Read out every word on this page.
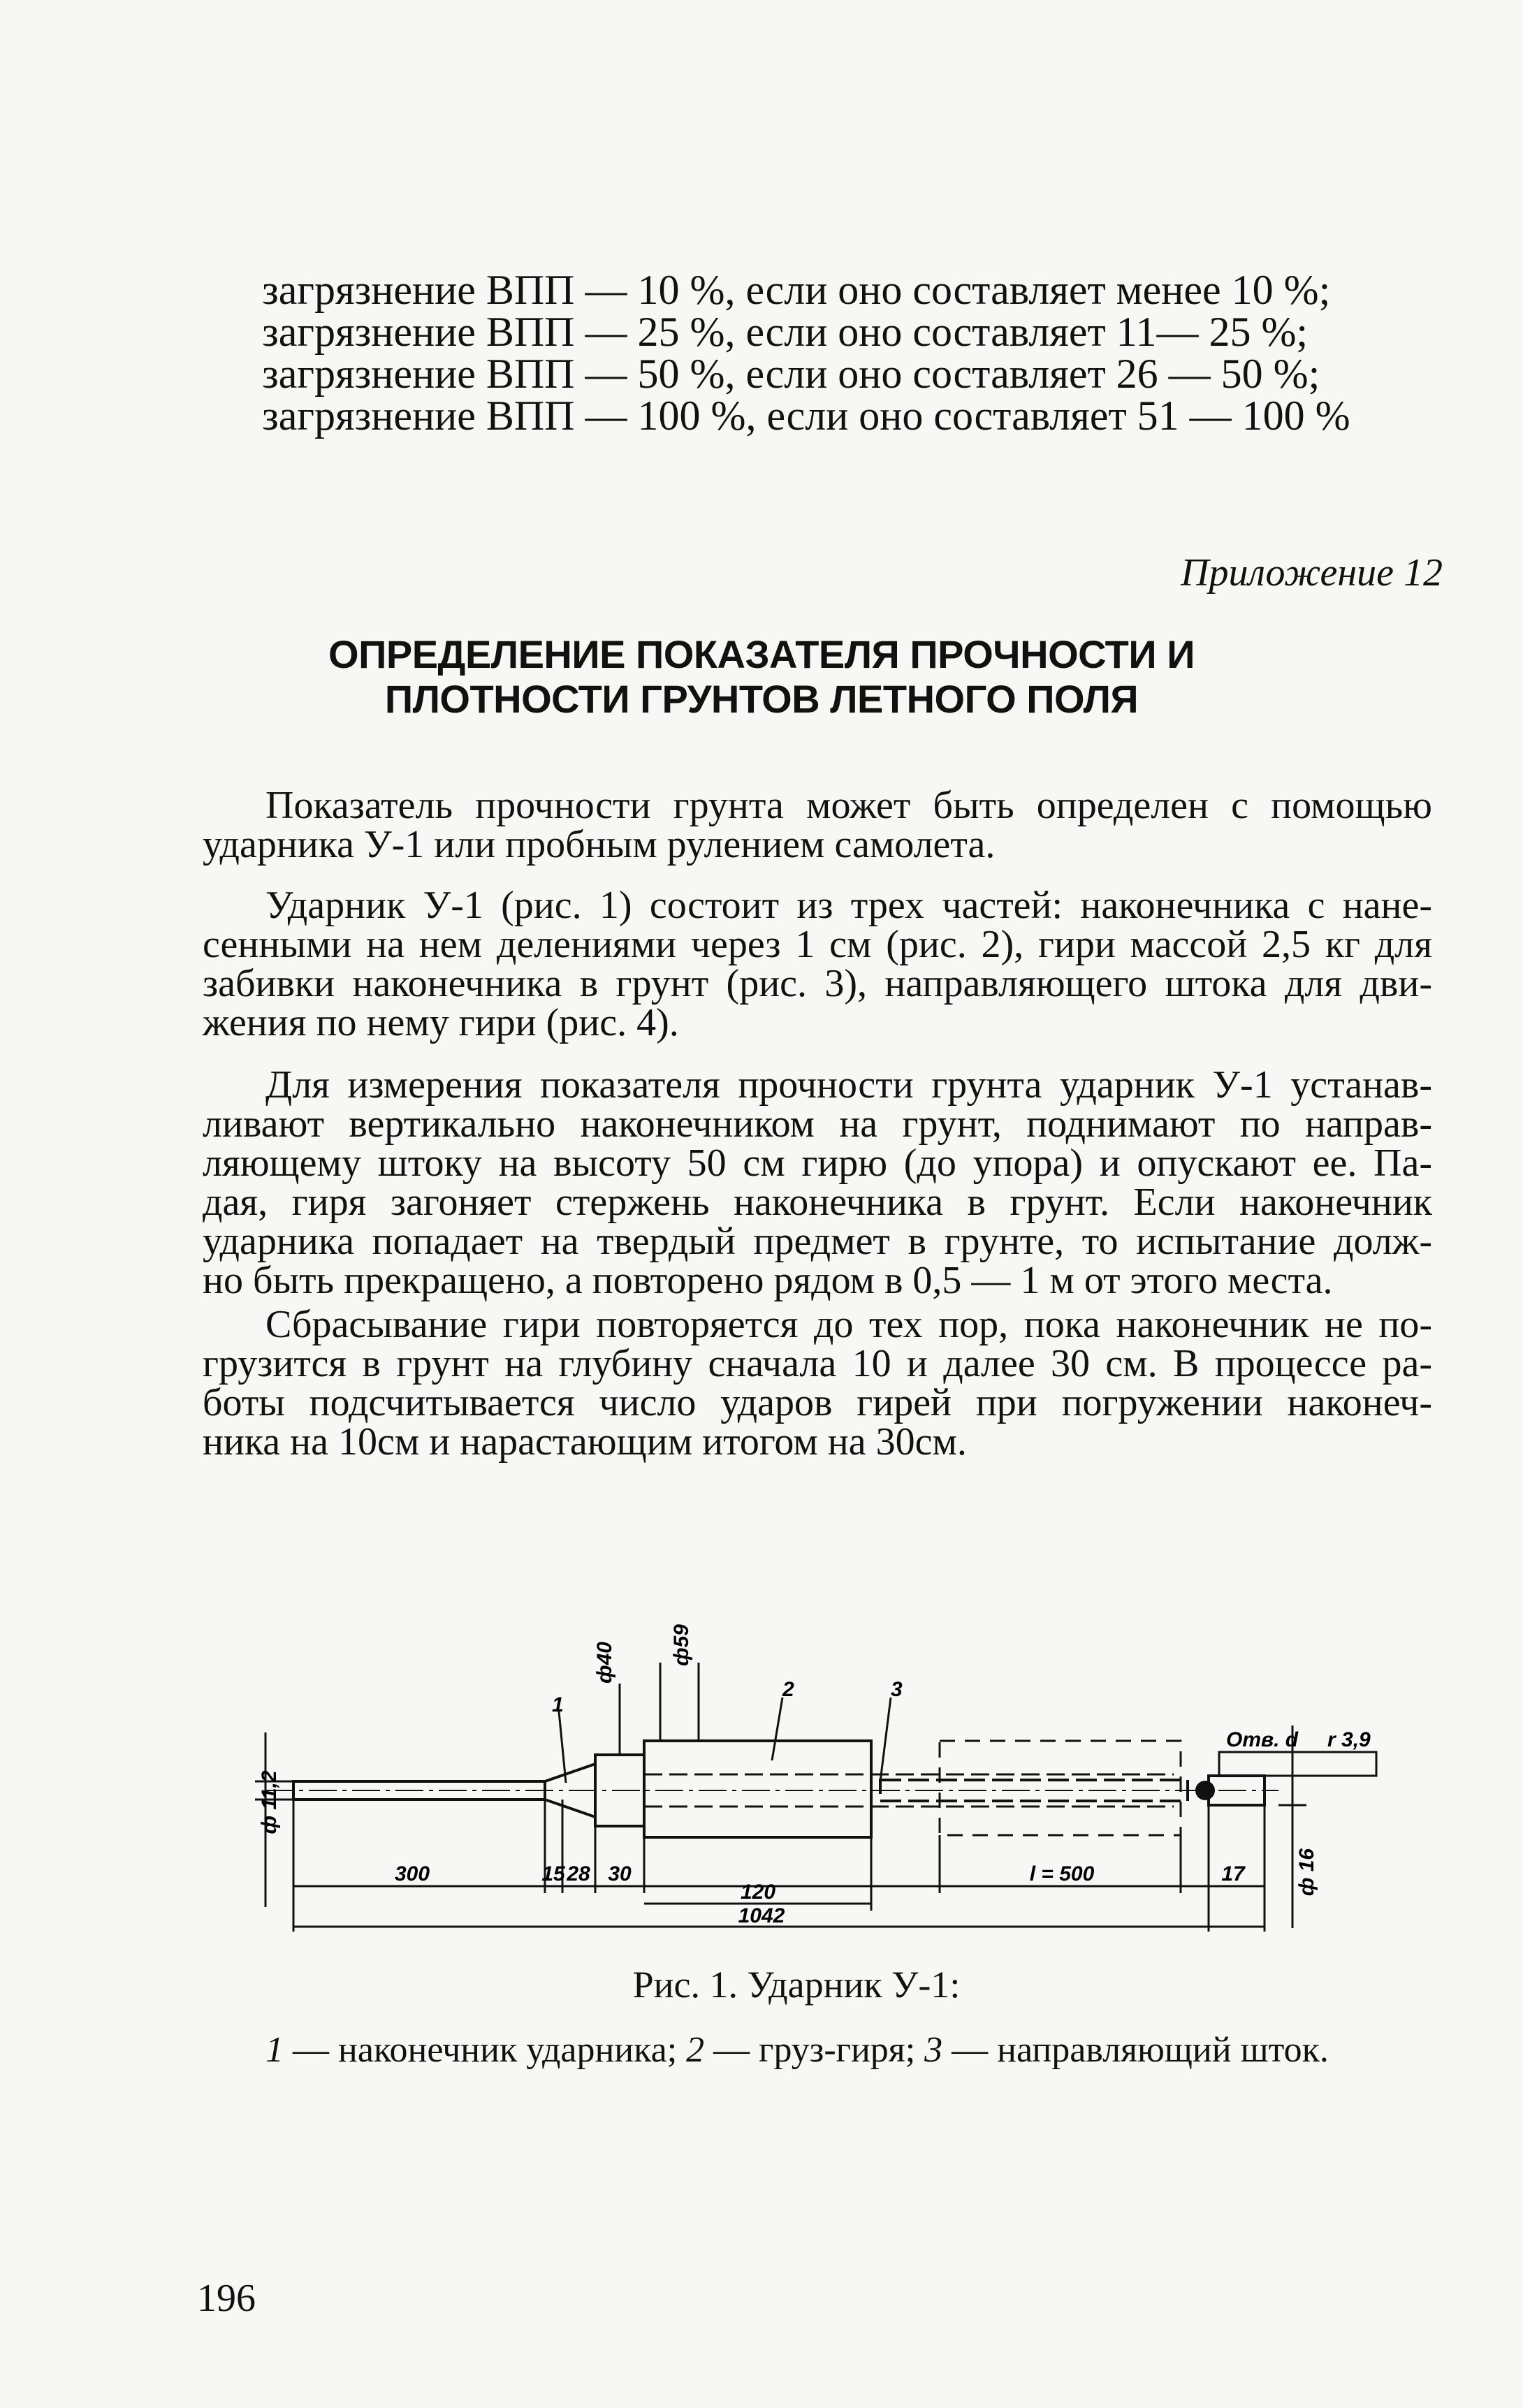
загрязнение ВПП — 10 %, если оно составляет менее 10 %;
загрязнение ВПП — 25 %, если оно составляет 11— 25 %;
загрязнение ВПП — 50 %, если оно составляет 26 — 50 %;
загрязнение ВПП — 100 %, если оно составляет 51 — 100 %
Приложение 12
ОПРЕДЕЛЕНИЕ ПОКАЗАТЕЛЯ ПРОЧНОСТИ И
ПЛОТНОСТИ ГРУНТОВ ЛЕТНОГО ПОЛЯ
Показатель прочности грунта может быть определен с помощью
ударника У-1 или пробным рулением самолета.
Ударник У-1 (рис. 1) состоит из трех частей: наконечника с нане-
сенными на нем делениями через 1 см (рис. 2), гири массой 2,5 кг для
забивки наконечника в грунт (рис. 3), направляющего штока для дви-
жения по нему гири (рис. 4).
Для измерения показателя прочности грунта ударник У-1 устанав-
ливают вертикально наконечником на грунт, поднимают по направ-
ляющему штоку на высоту 50 см гирю (до упора) и опускают ее. Па-
дая, гиря загоняет стержень наконечника в грунт. Если наконечник
ударника попадает на твердый предмет в грунте, то испытание долж-
но быть прекращено, а повторено рядом в 0,5 — 1 м от этого места.
Сбрасывание гири повторяется до тех пор, пока наконечник не по-
грузится в грунт на глубину сначала 10 и далее 30 см. В процессе ра-
боты подсчитывается число ударов гирей при погружении наконеч-
ника на 10см и нарастающим итогом на 30см.
ф 11,2
ф40	ф59
ф 16
1
2	3
Отв. d r 3,9
300	15 28 30
120
l = 500	17
1042
Рис. 1. Ударник У-1:
1 — наконечник ударника; 2 — груз-гиря; 3 — направляющий шток.
196
